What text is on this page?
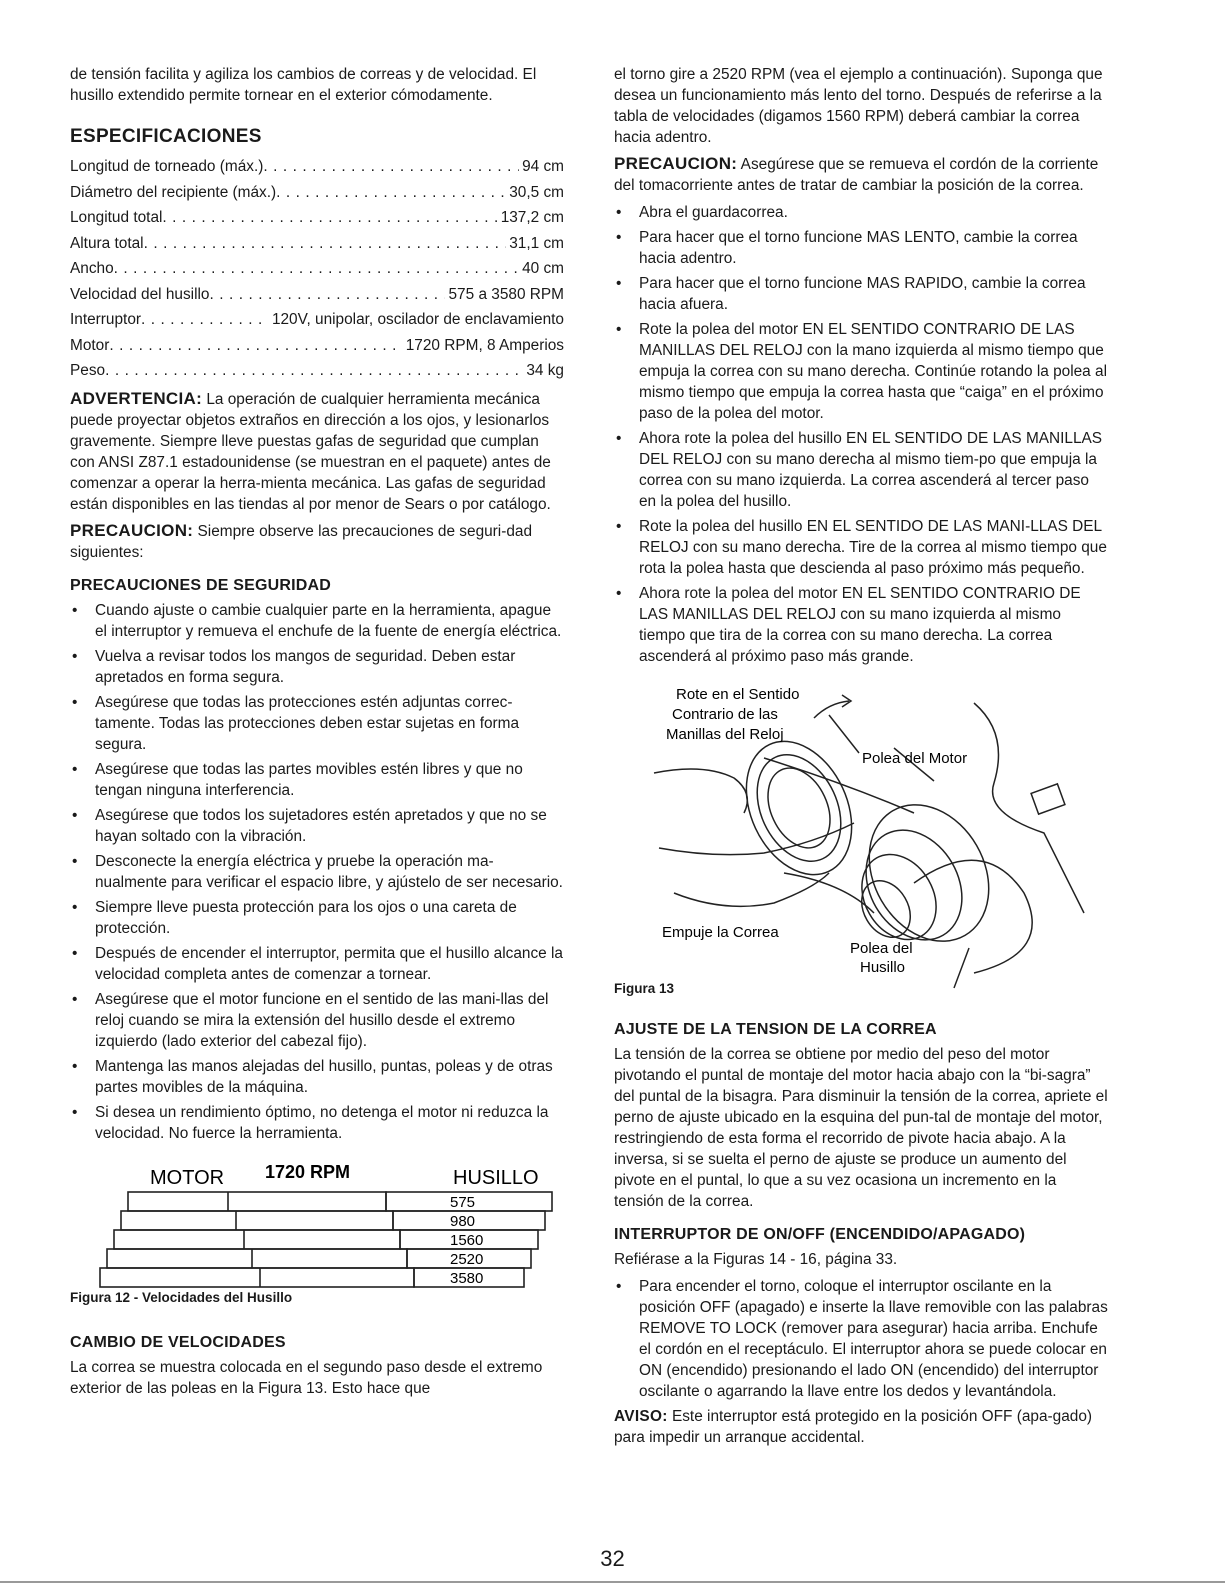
de tensión facilita y agiliza los cambios de correas y de velocidad. El husillo extendido permite tornear en el exterior cómodamente.

ESPECIFICACIONES
Longitud de torneado (máx.) . . .	94 cm
Diámetro del recipiente (máx.) . . .	30,5 cm
Longitud total . . .	137,2 cm
Altura total . . .	31,1 cm
Ancho . . .	40 cm
Velocidad del husillo . . .	575 a 3580 RPM
Interruptor . . .	120V, unipolar, oscilador de enclavamiento
Motor . . .	1720 RPM, 8 Amperios
Peso . . .	34 kg

ADVERTENCIA: La operación de cualquier herramienta mecánica puede proyectar objetos extraños en dirección a los ojos, y lesionarlos gravemente. Siempre lleve puestas gafas de seguridad que cumplan con ANSI Z87.1 estadounidense (se muestran en el paquete) antes de comenzar a operar la herra-mienta mecánica. Las gafas de seguridad están disponibles en las tiendas al por menor de Sears o por catálogo.

PRECAUCION: Siempre observe las precauciones de seguri-dad siguientes:

PRECAUCIONES DE SEGURIDAD
• Cuando ajuste o cambie cualquier parte en la herramienta, apague el interruptor y remueva el enchufe de la fuente de energía eléctrica.
• Vuelva a revisar todos los mangos de seguridad. Deben estar apretados en forma segura.
• Asegúrese que todas las protecciones estén adjuntas correc-tamente. Todas las protecciones deben estar sujetas en forma segura.
• Asegúrese que todas las partes movibles estén libres y que no tengan ninguna interferencia.
• Asegúrese que todos los sujetadores estén apretados y que no se hayan soltado con la vibración.
• Desconecte la energía eléctrica y pruebe la operación ma-nualmente para verificar el espacio libre, y ajústelo de ser necesario.
• Siempre lleve puesta protección para los ojos o una careta de protección.
• Después de encender el interruptor, permita que el husillo alcance la velocidad completa antes de comenzar a tornear.
• Asegúrese que el motor funcione en el sentido de las mani-llas del reloj cuando se mira la extensión del husillo desde el extremo izquierdo (lado exterior del cabezal fijo).
• Mantenga las manos alejadas del husillo, puntas, poleas y de otras partes movibles de la máquina.
• Si desea un rendimiento óptimo, no detenga el motor ni reduzca la velocidad. No fuerce la herramienta.
MOTOR 1720 RPM	HUSILLO
575
980
1560
2520
3580
Figura 12 - Velocidades del Husillo
CAMBIO DE VELOCIDADES

La correa se muestra colocada en el segundo paso desde el extremo exterior de las poleas en la Figura 13. Esto hace que

el torno gire a 2520 RPM (vea el ejemplo a continuación). Suponga que desea un funcionamiento más lento del torno. Después de referirse a la tabla de velocidades (digamos 1560 RPM) deberá cambiar la correa hacia adentro.

PRECAUCION: Asegúrese que se remueva el cordón de la corriente del tomacorriente antes de tratar de cambiar la posición de la correa.

• Abra el guardacorrea.
• Para hacer que el torno funcione MAS LENTO, cambie la correa hacia adentro.
• Para hacer que el torno funcione MAS RAPIDO, cambie la correa hacia afuera.
• Rote la polea del motor EN EL SENTIDO CONTRARIO DE LAS MANILLAS DEL RELOJ con la mano izquierda al mismo tiempo que empuja la correa con su mano derecha. Continúe rotando la polea al mismo tiempo que empuja la correa hasta que “caiga” en el próximo paso de la polea del motor.
• Ahora rote la polea del husillo EN EL SENTIDO DE LAS MANILLAS DEL RELOJ con su mano derecha al mismo tiem-po que empuja la correa con su mano izquierda. La correa ascenderá al tercer paso en la polea del husillo.
• Rote la polea del husillo EN EL SENTIDO DE LAS MANI-LLAS DEL RELOJ con su mano derecha. Tire de la correa al mismo tiempo que rota la polea hasta que descienda al paso próximo más pequeño.
• Ahora rote la polea del motor EN EL SENTIDO CONTRARIO DE LAS MANILLAS DEL RELOJ con su mano izquierda al mismo tiempo que tira de la correa con su mano derecha. La correa ascenderá al próximo paso más grande.
Rote en el Sentido
Contrario de las
Manillas del Reloj
Polea del Motor
Empuje la Correa
Polea del
Husillo
Figura 13
AJUSTE DE LA TENSION DE LA CORREA

La tensión de la correa se obtiene por medio del peso del motor pivotando el puntal de montaje del motor hacia abajo con la “bi-sagra” del puntal de la bisagra. Para disminuir la tensión de la correa, apriete el perno de ajuste ubicado en la esquina del pun-tal de montaje del motor, restringiendo de esta forma el recorrido de pivote hacia abajo. A la inversa, si se suelta el perno de ajuste se produce un aumento del pivote en el puntal, lo que a su vez ocasiona un incremento en la tensión de la correa.

INTERRUPTOR DE ON/OFF (ENCENDIDO/APAGADO)

Refiérase a la Figuras 14 - 16, página 33.

• Para encender el torno, coloque el interruptor oscilante en la posición OFF (apagado) e inserte la llave removible con las palabras REMOVE TO LOCK (remover para asegurar) hacia arriba. Enchufe el cordón en el receptáculo. El interruptor ahora se puede colocar en ON (encendido) presionando el lado ON (encendido) del interruptor oscilante o agarrando la llave entre los dedos y levantándola.

AVISO: Este interruptor está protegido en la posición OFF (apa-gado) para impedir un arranque accidental.

32
